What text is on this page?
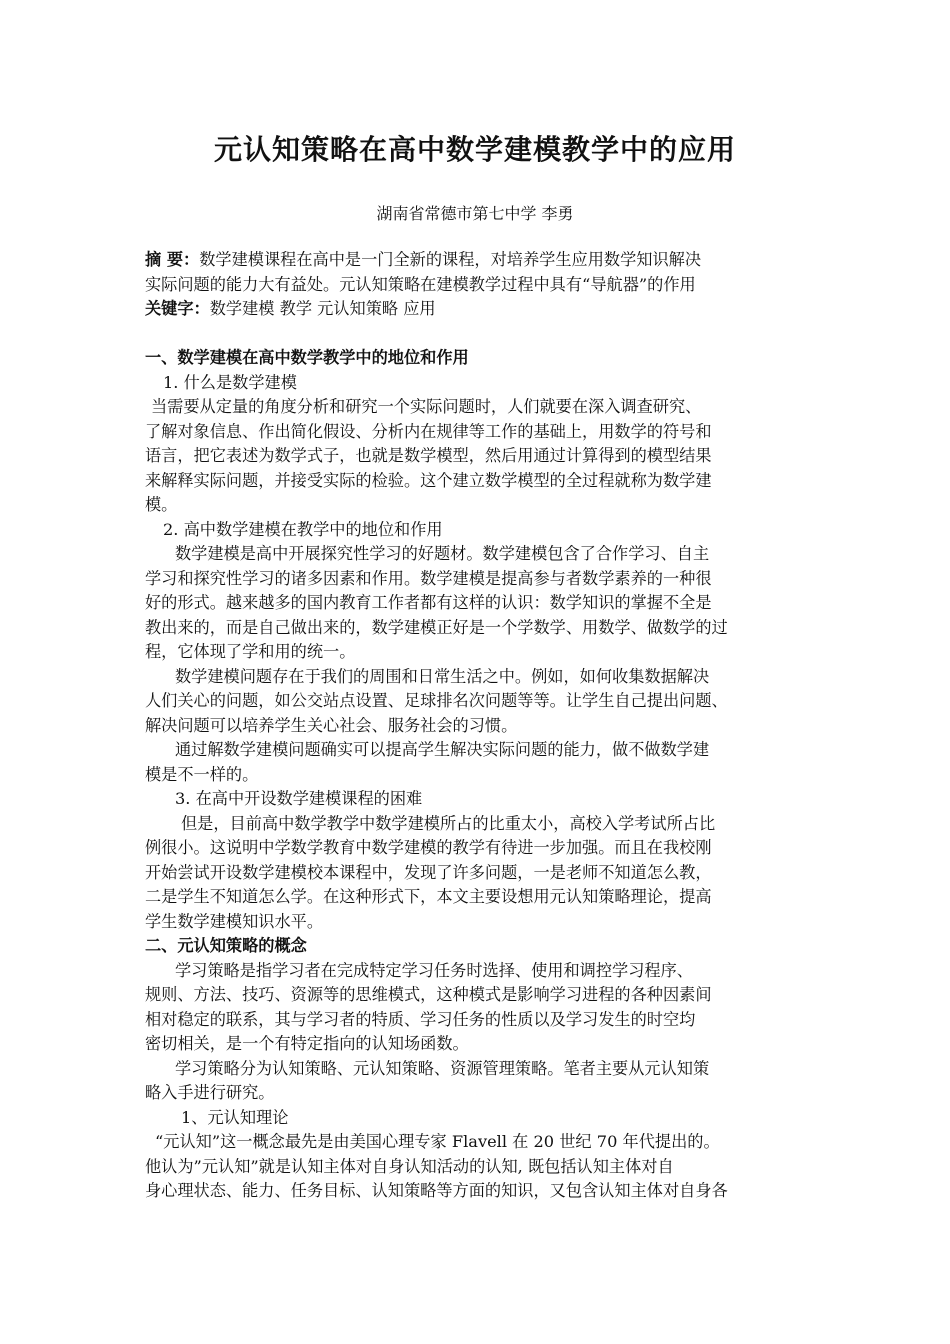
元认知策略在高中数学建模教学中的应用
湖南省常德市第七中学 李勇
摘 要：数学建模课程在高中是一门全新的课程，对培养学生应用数学知识解决
实际问题的能力大有益处。元认知策略在建模教学过程中具有“导航器”的作用
关键字：数学建模 教学 元认知策略 应用
一、数学建模在高中数学教学中的地位和作用
1. 什么是数学建模
当需要从定量的角度分析和研究一个实际问题时，人们就要在深入调查研究、
了解对象信息、作出简化假设、分析内在规律等工作的基础上，用数学的符号和
语言，把它表述为数学式子，也就是数学模型，然后用通过计算得到的模型结果
来解释实际问题，并接受实际的检验。这个建立数学模型的全过程就称为数学建
模。
2. 高中数学建模在教学中的地位和作用
数学建模是高中开展探究性学习的好题材。数学建模包含了合作学习、自主
学习和探究性学习的诸多因素和作用。数学建模是提高参与者数学素养的一种很
好的形式。越来越多的国内教育工作者都有这样的认识：数学知识的掌握不全是
教出来的，而是自己做出来的，数学建模正好是一个学数学、用数学、做数学的过
程，它体现了学和用的统一。
数学建模问题存在于我们的周围和日常生活之中。例如，如何收集数据解决
人们关心的问题，如公交站点设置、足球排名次问题等等。让学生自己提出问题、
解决问题可以培养学生关心社会、服务社会的习惯。
通过解数学建模问题确实可以提高学生解决实际问题的能力，做不做数学建
模是不一样的。
3. 在高中开设数学建模课程的困难
但是，目前高中数学教学中数学建模所占的比重太小，高校入学考试所占比
例很小。这说明中学数学教育中数学建模的教学有待进一步加强。而且在我校刚
开始尝试开设数学建模校本课程中，发现了许多问题，一是老师不知道怎么教，
二是学生不知道怎么学。在这种形式下，本文主要设想用元认知策略理论，提高
学生数学建模知识水平。
二、元认知策略的概念
学习策略是指学习者在完成特定学习任务时选择、使用和调控学习程序、
规则、方法、技巧、资源等的思维模式，这种模式是影响学习进程的各种因素间
相对稳定的联系，其与学习者的特质、学习任务的性质以及学习发生的时空均
密切相关，是一个有特定指向的认知场函数。
学习策略分为认知策略、元认知策略、资源管理策略。笔者主要从元认知策
略入手进行研究。
1、元认知理论
“元认知”这一概念最先是由美国心理专家 Flavell 在 20 世纪 70 年代提出的。
他认为”元认知”就是认知主体对自身认知活动的认知, 既包括认知主体对自
身心理状态、能力、任务目标、认知策略等方面的知识，又包含认知主体对自身各
